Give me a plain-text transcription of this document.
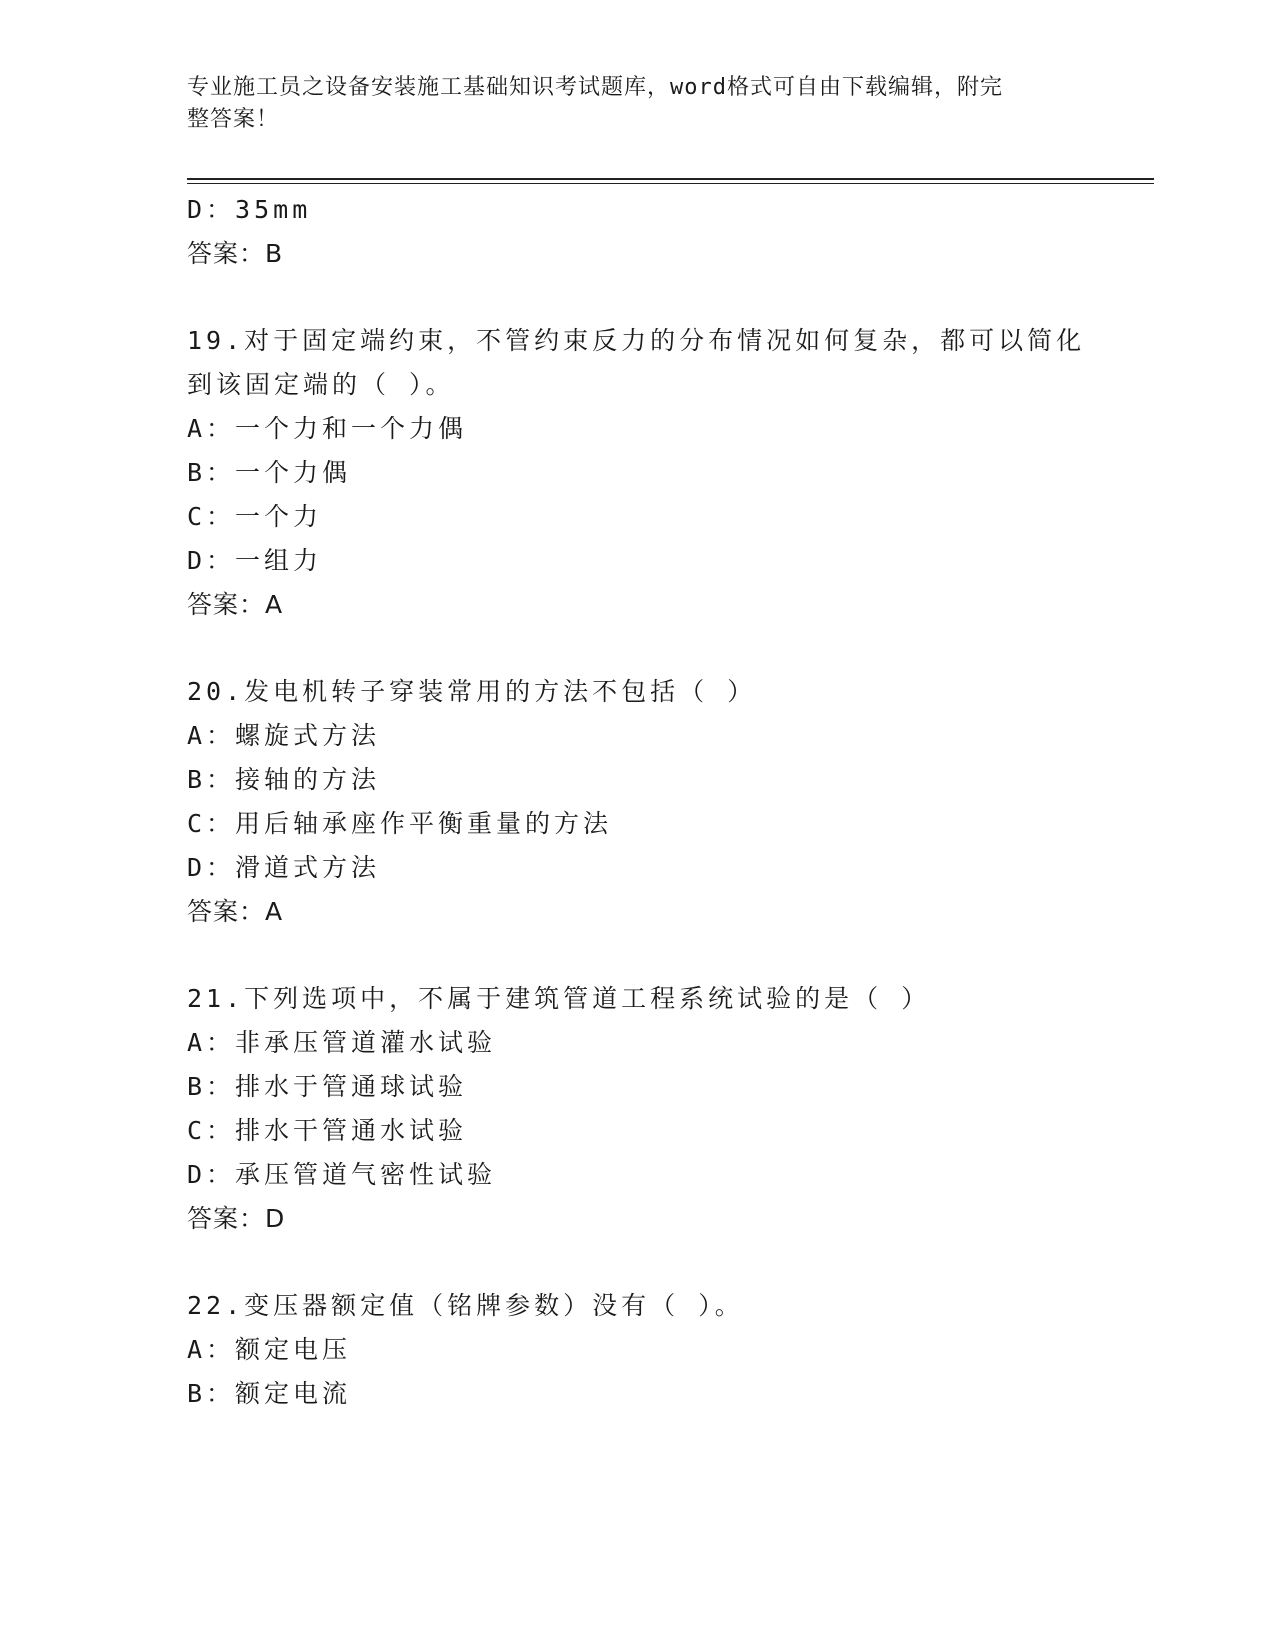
专业施工员之设备安装施工基础知识考试题库，word格式可自由下载编辑，附完
整答案！
D：35mm
答案：B
19.对于固定端约束，不管约束反力的分布情况如何复杂，都可以简化
到该固定端的（ ）。
A：一个力和一个力偶
B：一个力偶
C：一个力
D：一组力
答案：A
20.发电机转子穿装常用的方法不包括（ ）
A：螺旋式方法
B：接轴的方法
C：用后轴承座作平衡重量的方法
D：滑道式方法
答案：A
21.下列选项中，不属于建筑管道工程系统试验的是（ ）
A：非承压管道灌水试验
B：排水于管通球试验
C：排水干管通水试验
D：承压管道气密性试验
答案：D
22.变压器额定值（铭牌参数）没有（ ）。
A：额定电压
B：额定电流
